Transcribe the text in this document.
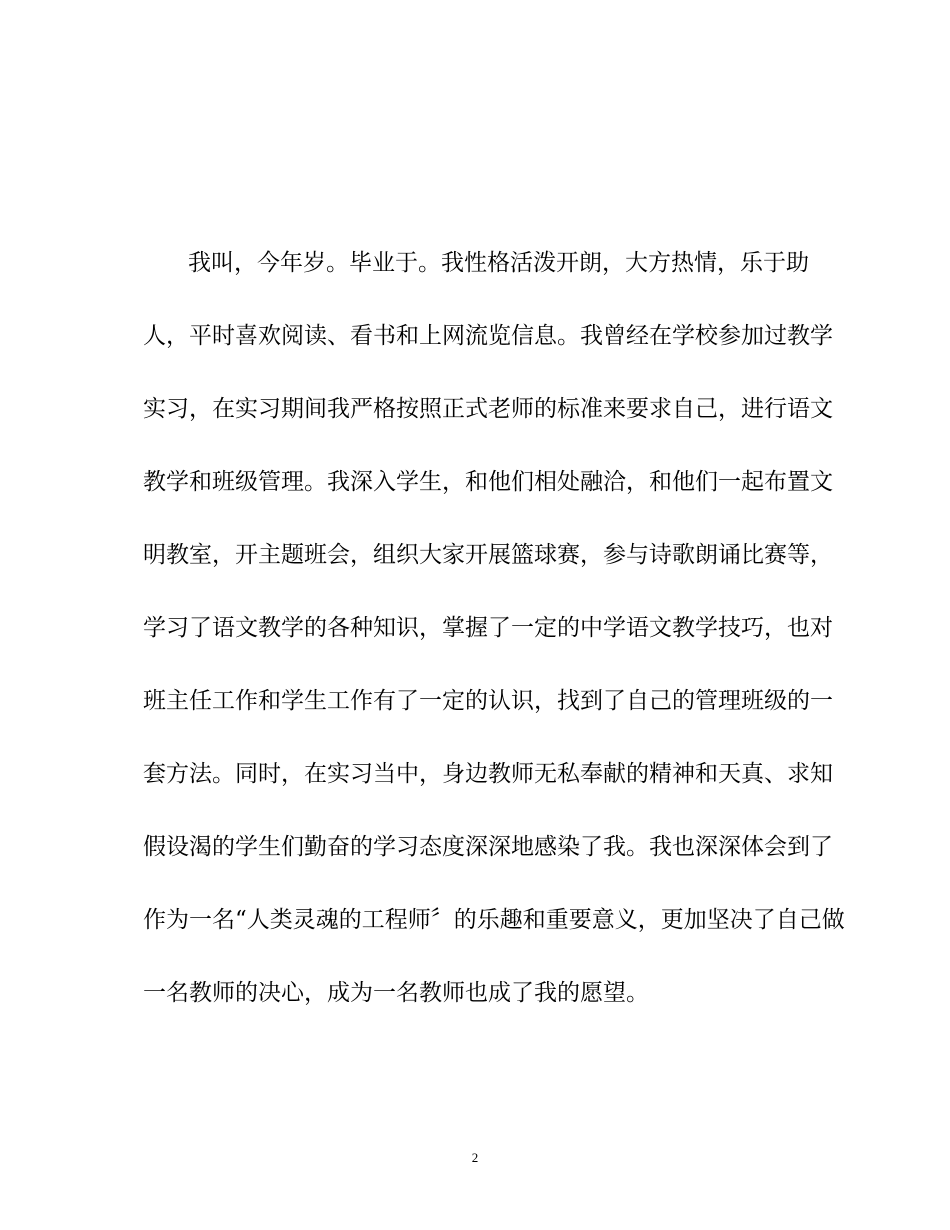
我叫，今年岁。毕业于。我性格活泼开朗，大方热情，乐于助
人，平时喜欢阅读、看书和上网流览信息。我曾经在学校参加过教学
实习，在实习期间我严格按照正式老师的标准来要求自己，进行语文
教学和班级管理。我深入学生，和他们相处融洽，和他们一起布置文
明教室，开主题班会，组织大家开展篮球赛，参与诗歌朗诵比赛等，
学习了语文教学的各种知识，掌握了一定的中学语文教学技巧，也对
班主任工作和学生工作有了一定的认识，找到了自己的管理班级的一
套方法。同时，在实习当中，身边教师无私奉献的精神和天真、求知
假设渴的学生们勤奋的学习态度深深地感染了我。我也深深体会到了
作为一名“人类灵魂的工程师〞的乐趣和重要意义，更加坚决了自己做
一名教师的决心，成为一名教师也成了我的愿望。
2
